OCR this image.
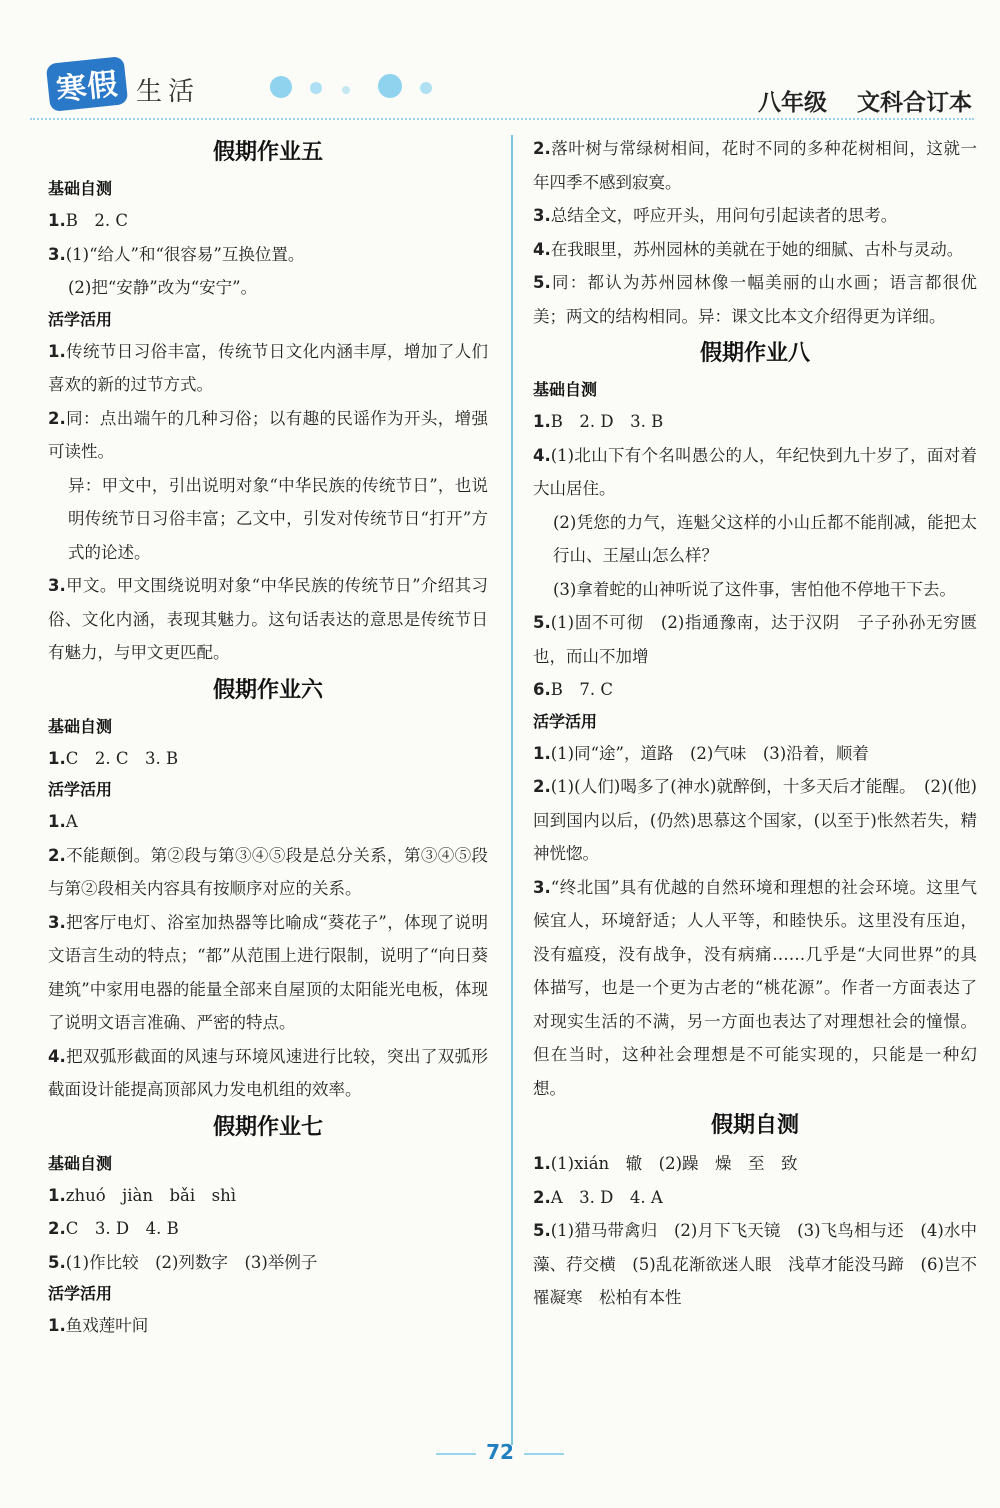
寒假 生活	八年级 文科合订本
假期作业五
基础自测
1.B　2. C
3.(1)“给人”和“很容易”互换位置。
(2)把“安静”改为“安宁”。
活学活用
1.传统节日习俗丰富，传统节日文化内涵丰厚，增加了人们喜欢的新的过节方式。
2.同：点出端午的几种习俗；以有趣的民谣作为开头，增强可读性。
异：甲文中，引出说明对象“中华民族的传统节日”，也说明传统节日习俗丰富；乙文中，引发对传统节日“打开”方式的论述。
3.甲文。甲文围绕说明对象“中华民族的传统节日”介绍其习俗、文化内涵，表现其魅力。这句话表达的意思是传统节日有魅力，与甲文更匹配。
假期作业六
基础自测
1.C　2. C　3. B
活学活用
1.A
2.不能颠倒。第②段与第③④⑤段是总分关系，第③④⑤段与第②段相关内容具有按顺序对应的关系。
3.把客厅电灯、浴室加热器等比喻成“葵花子”，体现了说明文语言生动的特点；“都”从范围上进行限制，说明了“向日葵建筑”中家用电器的能量全部来自屋顶的太阳能光电板，体现了说明文语言准确、严密的特点。
4.把双弧形截面的风速与环境风速进行比较，突出了双弧形截面设计能提高顶部风力发电机组的效率。
假期作业七
基础自测
1.zhuó　jiàn　bǎi　shì
2.C　3. D　4. B
5.(1)作比较　(2)列数字　(3)举例子
活学活用
1.鱼戏莲叶间
2.落叶树与常绿树相间，花时不同的多种花树相间，这就一年四季不感到寂寞。
3.总结全文，呼应开头，用问句引起读者的思考。
4.在我眼里，苏州园林的美就在于她的细腻、古朴与灵动。
5.同：都认为苏州园林像一幅美丽的山水画；语言都很优美；两文的结构相同。异：课文比本文介绍得更为详细。
假期作业八
基础自测
1.B　2. D　3. B
4.(1)北山下有个名叫愚公的人，年纪快到九十岁了，面对着大山居住。
(2)凭您的力气，连魁父这样的小山丘都不能削减，能把太行山、王屋山怎么样？
(3)拿着蛇的山神听说了这件事，害怕他不停地干下去。
5.(1)固不可彻　(2)指通豫南，达于汉阴　子子孙孙无穷匮也，而山不加增
6.B　7. C
活学活用
1.(1)同“途”，道路　(2)气味　(3)沿着，顺着
2.(1)(人们)喝多了(神水)就醉倒，十多天后才能醒。　(2)(他)回到国内以后，(仍然)思慕这个国家，(以至于)怅然若失，精神恍惚。
3.“终北国”具有优越的自然环境和理想的社会环境。这里气候宜人，环境舒适；人人平等，和睦快乐。这里没有压迫，没有瘟疫，没有战争，没有病痛……几乎是“大同世界”的具体描写，也是一个更为古老的“桃花源”。作者一方面表达了对现实生活的不满，另一方面也表达了对理想社会的憧憬。但在当时，这种社会理想是不可能实现的，只能是一种幻想。
假期自测
1.(1)xián　辙　(2)躁　燥　至　致
2.A　3. D　4. A
5.(1)猎马带禽归　(2)月下飞天镜　(3)飞鸟相与还　(4)水中藻、荇交横　(5)乱花渐欲迷人眼　浅草才能没马蹄　(6)岂不罹凝寒　松柏有本性
72
